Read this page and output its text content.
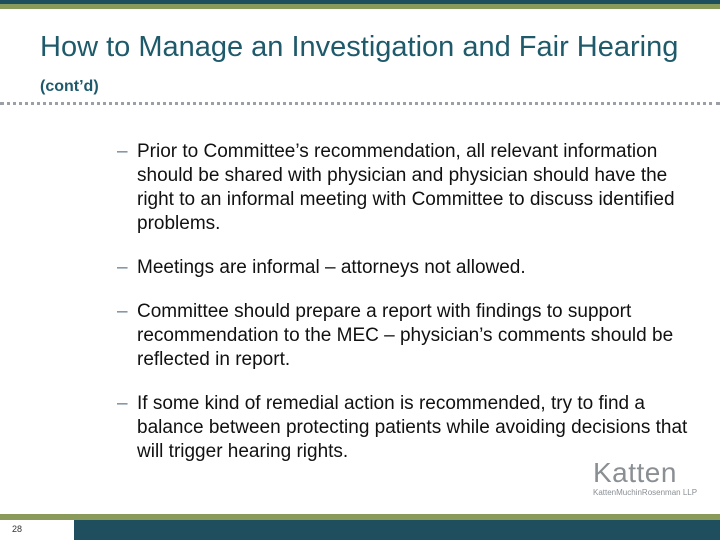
How to Manage an Investigation and Fair Hearing (cont’d)
– Prior to Committee’s recommendation, all relevant information should be shared with physician and physician should have the right to an informal meeting with Committee to discuss identified problems.
– Meetings are informal – attorneys not allowed.
– Committee should prepare a report with findings to support recommendation to the MEC – physician’s comments should be reflected in report.
– If some kind of remedial action is recommended, try to find a balance between protecting patients while avoiding decisions that will trigger hearing rights.
Katten
KattenMuchinRosenman LLP
28
